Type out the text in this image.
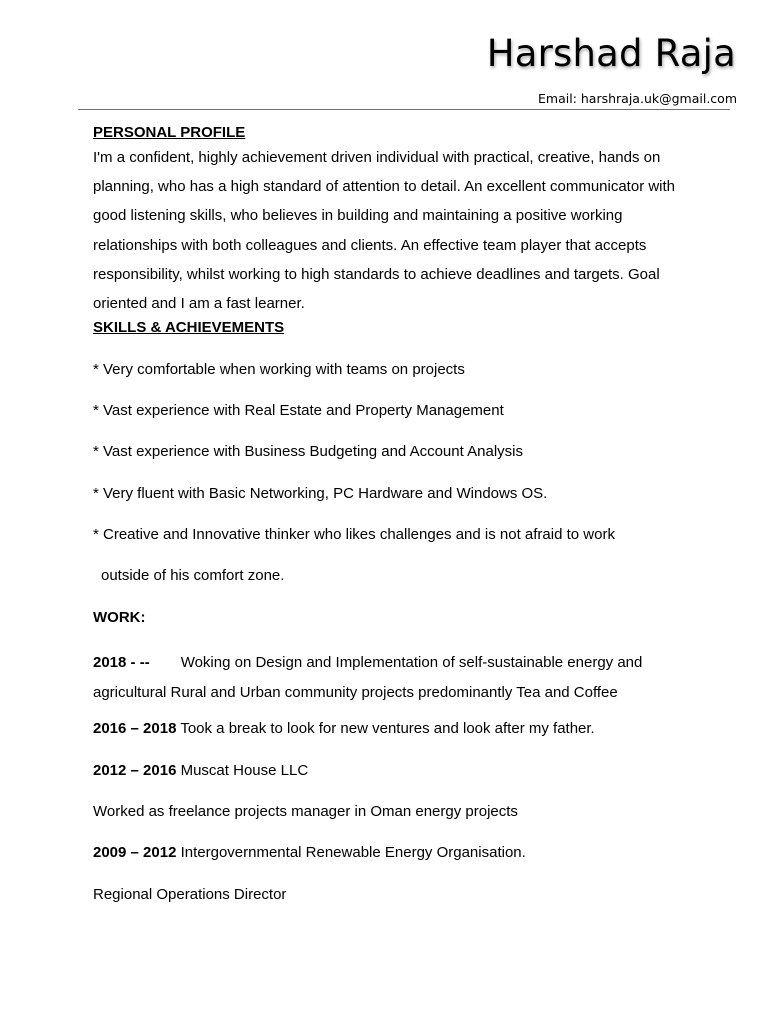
Harshad Raja
Email: harshraja.uk@gmail.com

PERSONAL PROFILE

I'm a confident, highly achievement driven individual with practical, creative, hands on planning, who has a high standard of attention to detail. An excellent communicator with good listening skills, who believes in building and maintaining a positive working relationships with both colleagues and clients. An effective team player that accepts responsibility, whilst working to high standards to achieve deadlines and targets. Goal oriented and I am a fast learner.

SKILLS & ACHIEVEMENTS

* Very comfortable when working with teams on projects

* Vast experience with Real Estate and Property Management

* Vast experience with Business Budgeting and Account Analysis

* Very fluent with Basic Networking, PC Hardware and Windows OS.

* Creative and Innovative thinker who likes challenges and is not afraid to work

outside of his comfort zone.

WORK:

2018 - -- Woking on Design and Implementation of self-sustainable energy and agricultural Rural and Urban community projects predominantly Tea and Coffee

2016 – 2018 Took a break to look for new ventures and look after my father.

2012 – 2016 Muscat House LLC

Worked as freelance projects manager in Oman energy projects

2009 – 2012 Intergovernmental Renewable Energy Organisation.

Regional Operations Director
